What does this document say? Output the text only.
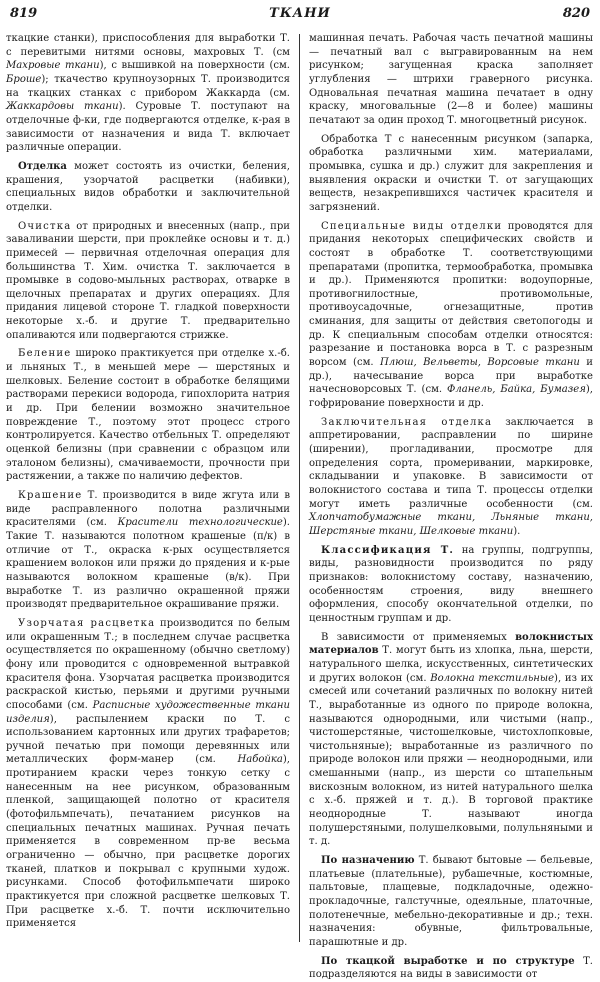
819	ТКАНИ	820

ткацкие станки), приспособления для выработки Т. с перевитыми нитями основы, махровых Т. (см Махровые ткани), с вышивкой на поверхности (см. Броше); ткачество крупноузорных Т. производится на ткацких станках с прибором Жаккарда (см. Жаккардовы ткани). Суровые Т. поступают на отделочные ф-ки, где подвергаются отделке, к-рая в зависимости от назначения и вида Т. включает различные операции.

Отделка может состоять из очистки, беления, крашения, узорчатой расцветки (набивки), специальных видов обработки и заключительной отделки.

Очистка от природных и внесенных (напр., при заваливании шерсти, при проклейке основы и т. д.) примесей — первичная отделочная операция для большинства Т. Хим. очистка Т. заключается в промывке в содово-мыльных растворах, отварке в щелочных препаратах и других операциях. Для придания лицевой стороне Т. гладкой поверхности некоторые х.-б. и другие Т. предварительно опаливаются или подвергаются стрижке.

Беление широко практикуется при отделке х.-б. и льняных Т., в меньшей мере — шерстяных и шелковых. Беление состоит в обработке белящими растворами перекиси водорода, гипохлорита натрия и др. При белении возможно значительное повреждение Т., поэтому этот процесс строго контролируется. Качество отбельных Т. определяют оценкой белизны (при сравнении с образцом или эталоном белизны), смачиваемости, прочности при растяжении, а также по наличию дефектов.

Крашение Т. производится в виде жгута или в виде расправленного полотна различными красителями (см. Красители технологические). Такие Т. называются полотном крашеные (п/к) в отличие от Т., окраска к-рых осуществляется крашением волокон или пряжи до прядения и к-рые называются волокном крашеные (в/к). При выработке Т. из различно окрашенной пряжи производят предварительное окрашивание пряжи.

Узорчатая расцветка производится по белым или окрашенным Т.; в последнем случае расцветка осуществляется по окрашенному (обычно светлому) фону или проводится с одновременной вытравкой красителя фона. Узорчатая расцветка производится раскраской кистью, перьями и другими ручными способами (см. Расписные художественные ткани изделия), распылением краски по Т. с использованием картонных или других трафаретов; ручной печатью при помощи деревянных или металлических форм-манер (см. Набойка), протиранием краски через тонкую сетку с нанесенным на нее рисунком, образованным пленкой, защищающей полотно от красителя (фотофильмпечать), печатанием рисунков на специальных печатных машинах. Ручная печать применяется в современном пр-ве весьма ограниченно — обычно, при расцветке дорогих тканей, платков и покрывал с крупными худож. рисунками. Способ фотофильмпечати широко практикуется при сложной расцветке шелковых Т. При расцветке х.-б. Т. почти исключительно применяется

машинная печать. Рабочая часть печатной машины — печатный вал с выгравированным на нем рисунком; загущенная краска заполняет углубления — штрихи граверного рисунка. Одновальная печатная машина печатает в одну краску, многовальные (2—8 и более) машины печатают за один проход Т. многоцветный рисунок.

Обработка Т с нанесенным рисунком (запарка, обработка различными хим. материалами, промывка, сушка и др.) служит для закрепления и выявления окраски и очистки Т. от загущающих веществ, незакрепившихся частичек красителя и загрязнений.

Специальные виды отделки проводятся для придания некоторых специфических свойств и состоят в обработке Т. соответствующими препаратами (пропитка, термообработка, промывка и др.). Применяются пропитки: водоупорные, противогнилостные, противомольные, противоусадочные, огнезащитные, против сминания, для защиты от действия светопогоды и др. К специальным способам отделки относятся: разрезание и постановка ворса в Т. с разрезным ворсом (см. Плюш, Вельветы, Ворсовые ткани и др.), начесывание ворса при выработке начесноворсовых Т. (см. Фланель, Байка, Бумазея), гофрирование поверхности и др.

Заключительная отделка заключается в аппретировании, расправлении по ширине (ширении), прогладивании, просмотре для определения сорта, промеривании, маркировке, складывании и упаковке. В зависимости от волокнистого состава и типа Т. процессы отделки могут иметь различные особенности (см. Хлопчатобумажные ткани, Льняные ткани, Шерстяные ткани, Шелковые ткани).

Классификация Т. на группы, подгруппы, виды, разновидности производится по ряду признаков: волокнистому составу, назначению, особенностям строения, виду внешнего оформления, способу окончательной отделки, по ценностным группам и др.

В зависимости от применяемых волокнистых материалов Т. могут быть из хлопка, льна, шерсти, натурального шелка, искусственных, синтетических и других волокон (см. Волокна текстильные), из их смесей или сочетаний различных по волокну нитей Т., выработанные из одного по природе волокна, называются однородными, или чистыми (напр., чистошерстяные, чистошелковые, чистохлопковые, чистольняные); выработанные из различного по природе волокон или пряжи — неоднородными, или смешанными (напр., из шерсти со штапельным вискозным волокном, из нитей натурального шелка с х.-б. пряжей и т. д.). В торговой практике неоднородные Т. называют иногда полушерстяными, полушелковыми, полульняными и т. д.

По назначению Т. бывают бытовые — бельевые, платьевые (плательные), рубашечные, костюмные, пальтовые, плащевые, подкладочные, одежно-прокладочные, галстучные, одеяльные, платочные, полотенечные, мебельно-декоративные и др.; техн. назначения: обувные, фильтровальные, парашютные и др.

По ткацкой выработке и по структуре Т. подразделяются на виды в зависимости от
